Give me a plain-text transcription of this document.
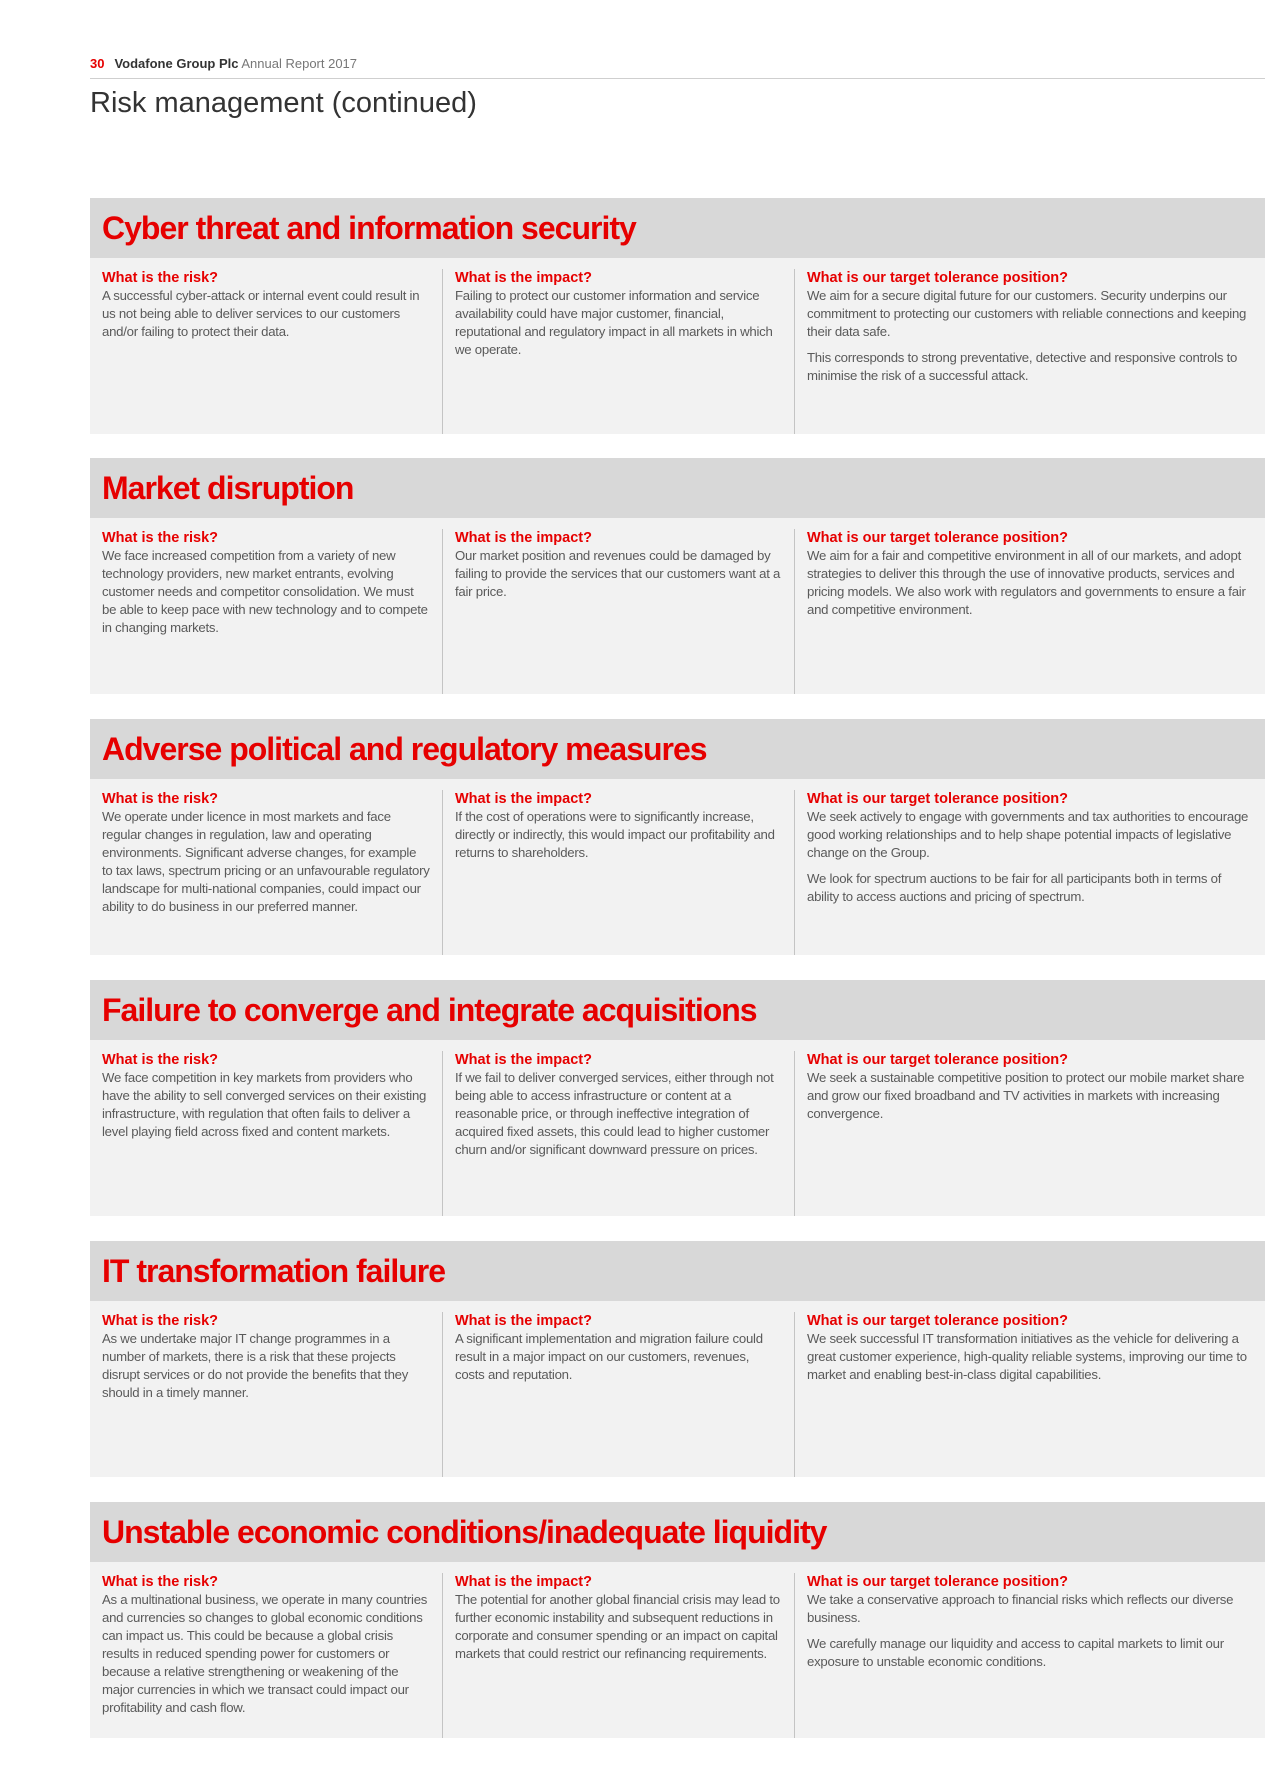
30 Vodafone Group Plc Annual Report 2017
Risk management (continued)
Cyber threat and information security
What is the risk?

A successful cyber-attack or internal event could result in us not being able to deliver services to our customers and/or failing to protect their data.

What is the impact?

Failing to protect our customer information and service availability could have major customer, financial, reputational and regulatory impact in all markets in which we operate.

What is our target tolerance position?

We aim for a secure digital future for our customers. Security underpins our commitment to protecting our customers with reliable connections and keeping their data safe.

This corresponds to strong preventative, detective and responsive controls to minimise the risk of a successful attack.

Market disruption
What is the risk?

We face increased competition from a variety of new technology providers, new market entrants, evolving customer needs and competitor consolidation. We must be able to keep pace with new technology and to compete in changing markets.

What is the impact?

Our market position and revenues could be damaged by failing to provide the services that our customers want at a fair price.

What is our target tolerance position?

We aim for a fair and competitive environment in all of our markets, and adopt strategies to deliver this through the use of innovative products, services and pricing models. We also work with regulators and governments to ensure a fair and competitive environment.

Adverse political and regulatory measures
What is the risk?

We operate under licence in most markets and face regular changes in regulation, law and operating environments. Significant adverse changes, for example to tax laws, spectrum pricing or an unfavourable regulatory landscape for multi-national companies, could impact our ability to do business in our preferred manner.

What is the impact?

If the cost of operations were to significantly increase, directly or indirectly, this would impact our profitability and returns to shareholders.

What is our target tolerance position?

We seek actively to engage with governments and tax authorities to encourage good working relationships and to help shape potential impacts of legislative change on the Group.

We look for spectrum auctions to be fair for all participants both in terms of ability to access auctions and pricing of spectrum.

Failure to converge and integrate acquisitions
What is the risk?

We face competition in key markets from providers who have the ability to sell converged services on their existing infrastructure, with regulation that often fails to deliver a level playing field across fixed and content markets.

What is the impact?

If we fail to deliver converged services, either through not being able to access infrastructure or content at a reasonable price, or through ineffective integration of acquired fixed assets, this could lead to higher customer churn and/or significant downward pressure on prices.

What is our target tolerance position?

We seek a sustainable competitive position to protect our mobile market share and grow our fixed broadband and TV activities in markets with increasing convergence.

IT transformation failure
What is the risk?

As we undertake major IT change programmes in a number of markets, there is a risk that these projects disrupt services or do not provide the benefits that they should in a timely manner.

What is the impact?

A significant implementation and migration failure could result in a major impact on our customers, revenues, costs and reputation.

What is our target tolerance position?

We seek successful IT transformation initiatives as the vehicle for delivering a great customer experience, high-quality reliable systems, improving our time to market and enabling best-in-class digital capabilities.

Unstable economic conditions/inadequate liquidity
What is the risk?

As a multinational business, we operate in many countries and currencies so changes to global economic conditions can impact us. This could be because a global crisis results in reduced spending power for customers or because a relative strengthening or weakening of the major currencies in which we transact could impact our profitability and cash flow.

What is the impact?

The potential for another global financial crisis may lead to further economic instability and subsequent reductions in corporate and consumer spending or an impact on capital markets that could restrict our refinancing requirements.

What is our target tolerance position?

We take a conservative approach to financial risks which reflects our diverse business.

We carefully manage our liquidity and access to capital markets to limit our exposure to unstable economic conditions.
